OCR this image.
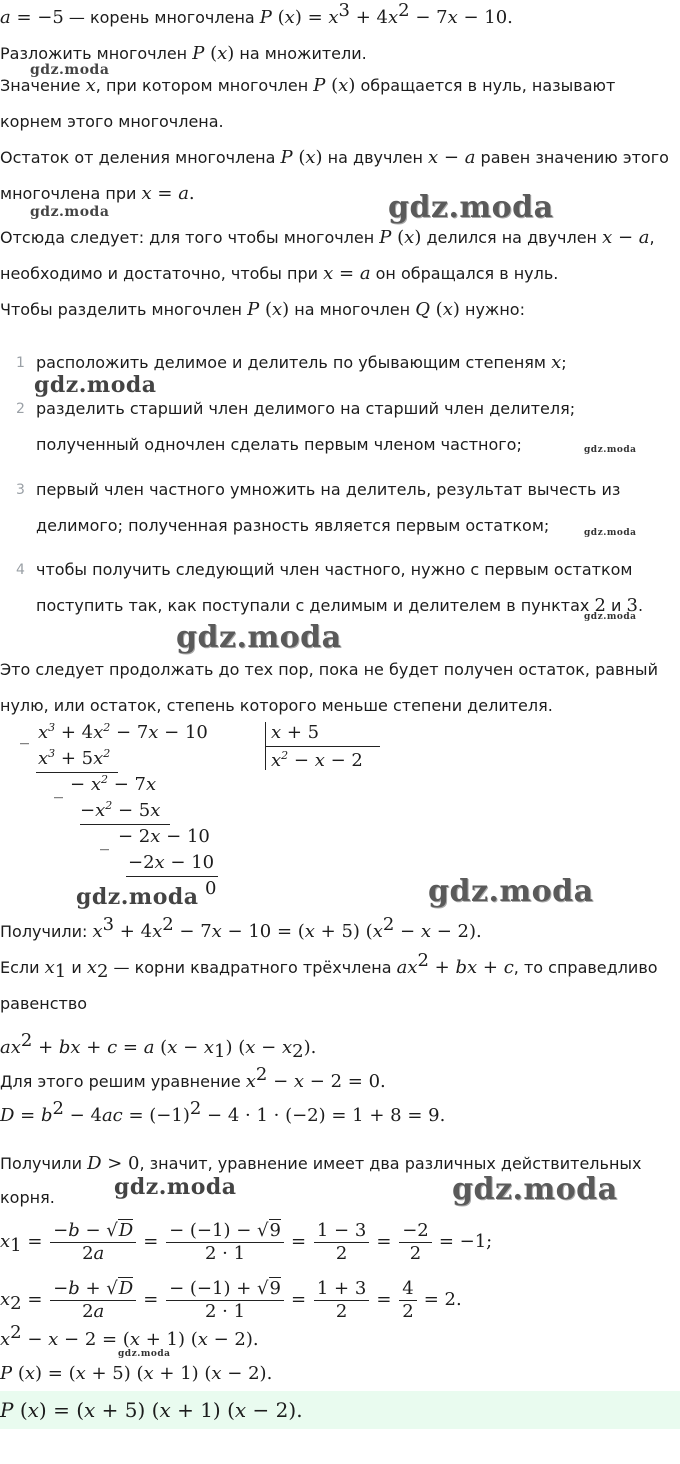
a = −5 — корень многочлена P $(x) = x^3 + 4x^2 - 7x - 10$.
Разложить многочлен P (x) на множители.
gdz.moda
Значение x, при котором многочлен P (x) обращается в нуль, называют
корнем этого многочлена.
Остаток от деления многочлена P (x) на двучлен x − a равен значению этого
многочлена при x = a.
gdz.moda	gdz.moda
Отсюда следует: для того чтобы многочлен P (x) делился на двучлен x − a,
необходимо и достаточно, чтобы при x = a он обращался в нуль.
Чтобы разделить многочлен P (x) на многочлен Q (x) нужно:
1 расположить делимое и делитель по убывающим степеням x;
gdz.moda
2 разделить старший член делимого на старший член делителя;
полученный одночлен сделать первым членом частного;	gdz.moda
3 первый член частного умножить на делитель, результат вычесть из
делимого; полученная разность является первым остатком;	gdz.moda
4 чтобы получить следующий член частного, нужно с первым остатком
поступить так, как поступали с делимым и делителем в пунктах 2 и 3.
gdz.moda
gdz.moda
Это следует продолжать до тех пор, пока не будет получен остаток, равный
нулю, или остаток, степень которого меньше степени делителя.
_ $x^3 + 4x^2 - 7x - 10$	x + 5
$x^2 - x - 2$
$x^3 + 5x^2$
_ − $x^2 - 7x$
$-x^2 - 5x$
_ − 2x − 10
−2x − 10
0
gdz.moda	gdz.moda
Получили: $x^3 + 4x^2 - 7x - 10 = (x + 5) (x^2 - x - 2)$.
Если $x_1$ и $x_2$ — корни квадратного трёхчлена $ax^2$ + bx + c, то справедливо
равенство
$ax^2$ + bx + c = a $(x - x_1)$ $(x - x_2)$.
Для этого решим уравнение $x^2 - x - 2 = 0$.
$D = b^2 - 4ac = (-1)^2 - 4 \cdot 1 \cdot (-2) = 1 + 8 = 9$.
Получили D > 0, значит, уравнение имеет два различных действительных
корня.	gdz.moda	gdz.moda
$x_1 = \frac{-b - √D}{2a} = \frac{- (-1) - √9}{2 \cdot 1} = \frac{1 - 3}{2} = \frac{-2}{2} = -1$;
$x_2 = \frac{-b + √D}{2a} = \frac{- (-1) + √9}{2 \cdot 1} = \frac{1 + 3}{2} = \frac{4}{2} = 2$.
$x^2 - x - 2 = (x + 1) (x - 2)$.
gdz.moda
P (x) = (x + 5) (x + 1) (x − 2).
P (x) = (x + 5) (x + 1) (x − 2).
